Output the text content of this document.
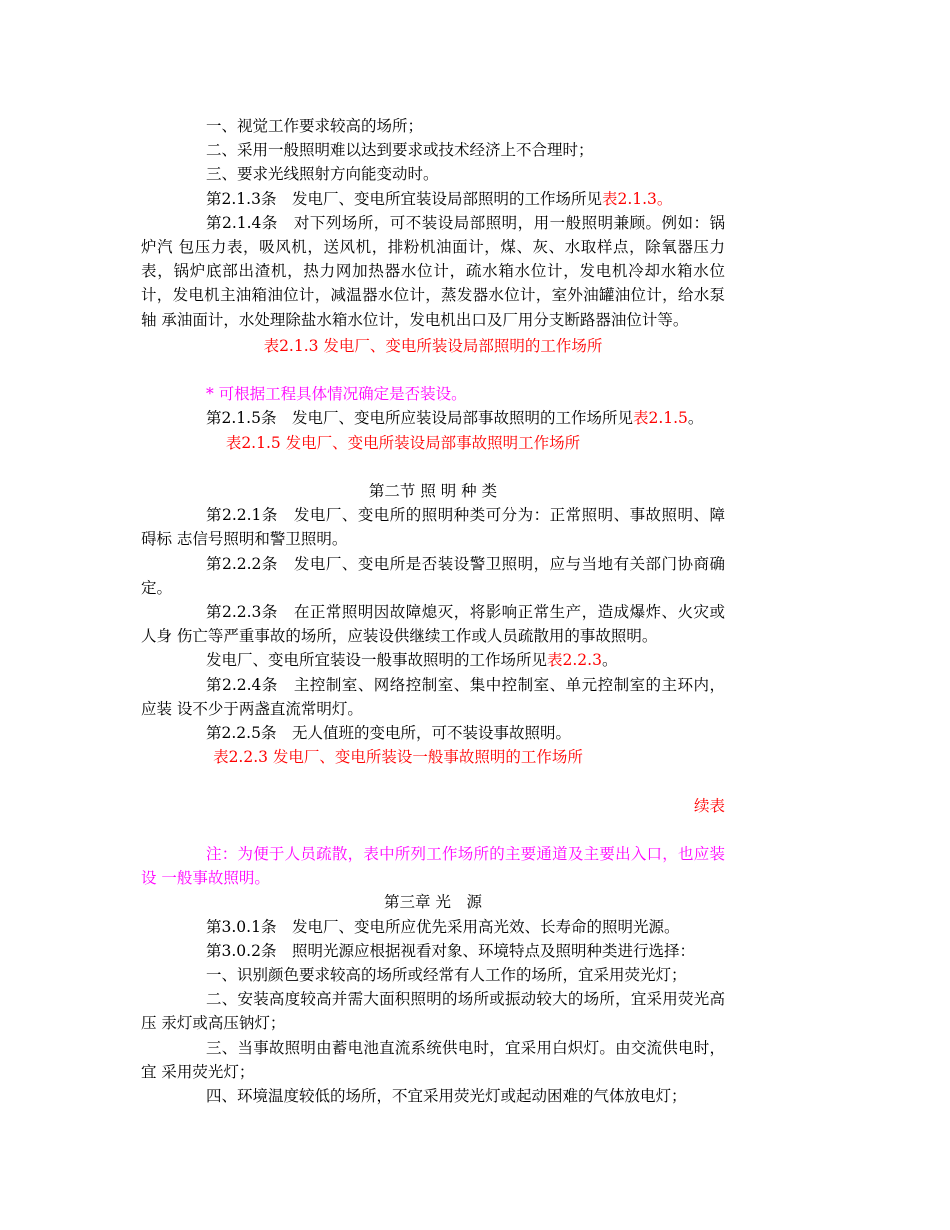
一、视觉工作要求较高的场所；

二、采用一般照明难以达到要求或技术经济上不合理时；

三、要求光线照射方向能变动时。

第2.1.3条　发电厂、变电所宜装设局部照明的工作场所见表2.1.3。

第2.1.4条　对下列场所，可不装设局部照明，用一般照明兼顾。例如：锅炉汽 包压力表，吸风机，送风机，排粉机油面计，煤、灰、水取样点，除氧器压力表，锅炉底部出渣机，热力网加热器水位计，疏水箱水位计，发电机冷却水箱水位计，发电机主油箱油位计，减温器水位计，蒸发器水位计，室外油罐油位计，给水泵轴 承油面计，水处理除盐水箱水位计，发电机出口及厂用分支断路器油位计等。

表2.1.3 发电厂、变电所装设局部照明的工作场所

* 可根据工程具体情况确定是否装设。

第2.1.5条　发电厂、变电所应装设局部事故照明的工作场所见表2.1.5。

表2.1.5 发电厂、变电所装设局部事故照明工作场所

第二节 照 明 种 类

第2.2.1条　发电厂、变电所的照明种类可分为：正常照明、事故照明、障碍标 志信号照明和警卫照明。

第2.2.2条　发电厂、变电所是否装设警卫照明，应与当地有关部门协商确定。

第2.2.3条　在正常照明因故障熄灭，将影响正常生产，造成爆炸、火灾或人身 伤亡等严重事故的场所，应装设供继续工作或人员疏散用的事故照明。

发电厂、变电所宜装设一般事故照明的工作场所见表2.2.3。

第2.2.4条　主控制室、网络控制室、集中控制室、单元控制室的主环内，应装 设不少于两盏直流常明灯。

第2.2.5条　无人值班的变电所，可不装设事故照明。

表2.2.3 发电厂、变电所装设一般事故照明的工作场所

续表

注：为便于人员疏散，表中所列工作场所的主要通道及主要出入口，也应装设 一般事故照明。

第三章 光　源

第3.0.1条　发电厂、变电所应优先采用高光效、长寿命的照明光源。

第3.0.2条　照明光源应根据视看对象、环境特点及照明种类进行选择：

一、识别颜色要求较高的场所或经常有人工作的场所，宜采用荧光灯；

二、安装高度较高并需大面积照明的场所或振动较大的场所，宜采用荧光高压 汞灯或高压钠灯；

三、当事故照明由蓄电池直流系统供电时，宜采用白炽灯。由交流供电时，宜 采用荧光灯；

四、环境温度较低的场所，不宜采用荧光灯或起动困难的气体放电灯；
